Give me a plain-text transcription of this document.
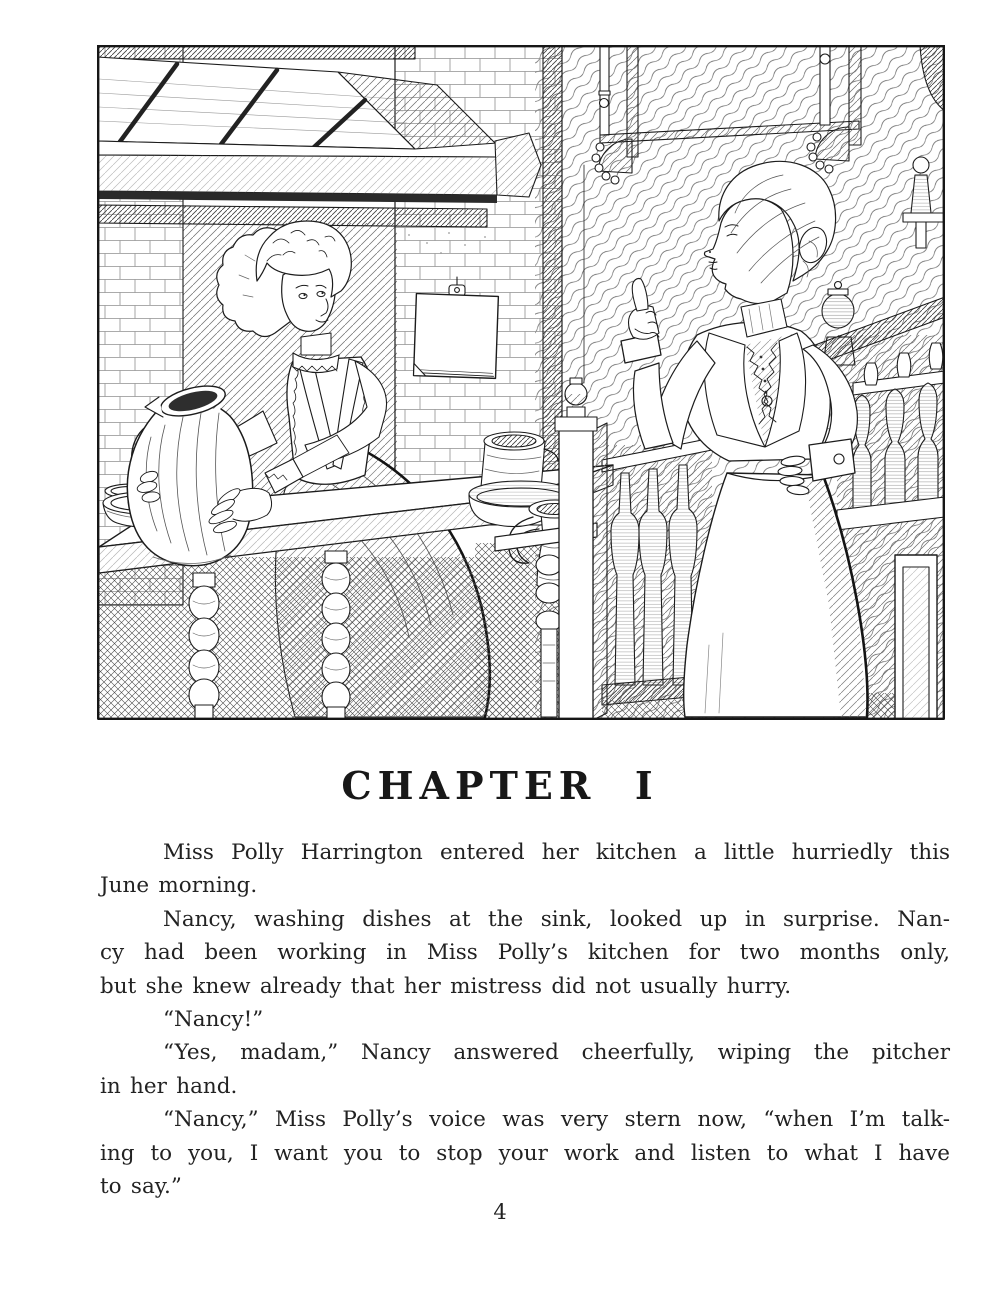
CHAPTER  I
Miss Polly Harrington entered her kitchen a little hurriedly this
June morning.
Nancy, washing dishes at the sink, looked up in surprise. Nan-
cy had been working in Miss Polly’s kitchen for two months only,
but she knew already that her mistress did not usually hurry.
“Nancy!”
“Yes, madam,” Nancy answered cheerfully, wiping the pitcher
in her hand.
“Nancy,” Miss Polly’s voice was very stern now, “when I’m talk-
ing to you, I want you to stop your work and listen to what I have
to say.”
4
